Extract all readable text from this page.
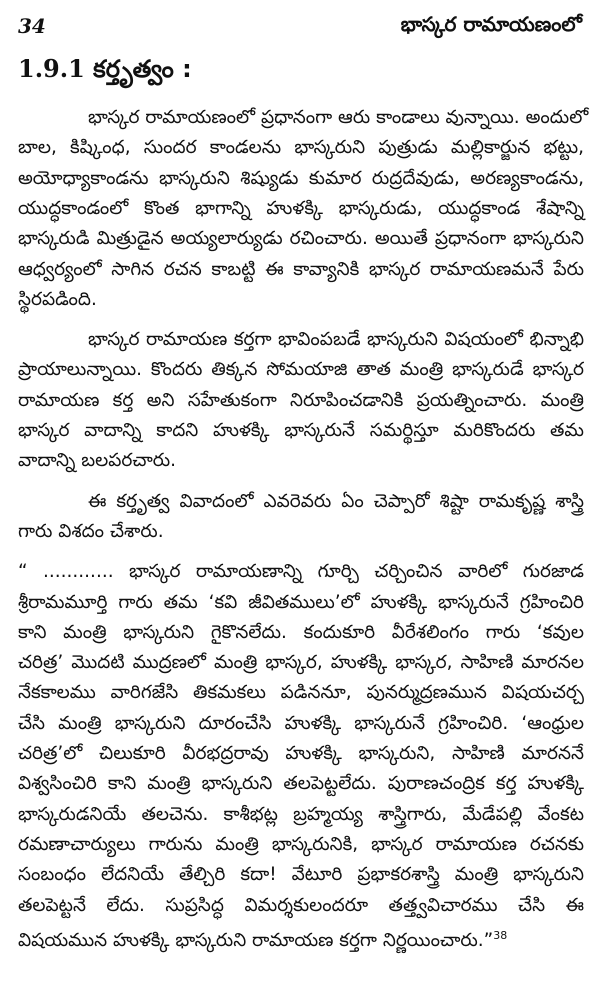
34	భాస్కర రామాయణంలో
1.9.1 కర్తృత్వం :
భాస్కర రామాయణంలో ప్రధానంగా ఆరు కాండాలు వున్నాయి. అందులో
బాల, కిష్కింధ, సుందర కాండలను భాస్కరుని పుత్రుడు మల్లికార్జున భట్టు,
అయోధ్యాకాండను భాస్కరుని శిష్యుడు కుమార రుద్రదేవుడు, అరణ్యకాండను,
యుద్ధకాండంలో కొంత భాగాన్ని హుళక్కి భాస్కరుడు, యుద్ధకాండ శేషాన్ని
భాస్కరుడి మిత్రుడైన అయ్యలార్యుడు రచించారు. అయితే ప్రధానంగా భాస్కరుని
ఆధ్వర్యంలో సాగిన రచన కాబట్టి ఈ కావ్యానికి భాస్కర రామాయణమనే పేరు
స్థిరపడింది.
భాస్కర రామాయణ కర్తగా భావింపబడే భాస్కరుని విషయంలో భిన్నాభి
ప్రాయాలున్నాయి. కొందరు తిక్కన సోమయాజి తాత మంత్రి భాస్కరుడే భాస్కర
రామాయణ కర్త అని సహేతుకంగా నిరూపించడానికి ప్రయత్నించారు. మంత్రి
భాస్కర వాదాన్ని కాదని హుళక్కి భాస్కరునే సమర్థిస్తూ మరికొందరు తమ
వాదాన్ని బలపరచారు.
ఈ కర్తృత్వ వివాదంలో ఎవరెవరు ఏం చెప్పారో శిష్టా రామకృష్ణ శాస్త్రి
గారు విశదం చేశారు.
“ ............ భాస్కర రామాయణాన్ని గూర్చి చర్చించిన వారిలో గురజాడ
శ్రీరామమూర్తి గారు తమ ‘కవి జీవితములు’లో హుళక్కి భాస్కరునే గ్రహించిరి
కాని మంత్రి భాస్కరుని గైకొనలేదు. కందుకూరి వీరేశలింగం గారు ‘కవుల
చరిత్ర’ మొదటి ముద్రణలో మంత్రి భాస్కర, హుళక్కి భాస్కర, సాహిణి మారనల
నేకకాలము వారిగజేసి తికమకలు పడిననూ, పునర్ముద్రణమున విషయచర్చ
చేసి మంత్రి భాస్కరుని దూరంచేసి హుళక్కి భాస్కరునే గ్రహించిరి. ‘ఆంధ్రుల
చరిత్ర’లో చిలుకూరి వీరభద్రరావు హుళక్కి భాస్కరుని, సాహిణి మారననే
విశ్వసించిరి కాని మంత్రి భాస్కరుని తలపెట్టలేదు. పురాణచంద్రిక కర్త హుళక్కి
భాస్కరుడనియే తలచెను. కాశీభట్ల బ్రహ్మయ్య శాస్త్రిగారు, మేడేపల్లి వేంకట
రమణాచార్యులు గారును మంత్రి భాస్కరునికి, భాస్కర రామాయణ రచనకు
సంబంధం లేదనియే తేల్చిరి కదా! వేటూరి ప్రభాకరశాస్త్రి మంత్రి భాస్కరుని
తలపెట్టనే లేదు. సుప్రసిద్ధ విమర్శకులందరూ తత్త్వవిచారము చేసి ఈ
విషయమున హుళక్కి భాస్కరుని రామాయణ కర్తగా నిర్ణయించారు.”$^{38}$
